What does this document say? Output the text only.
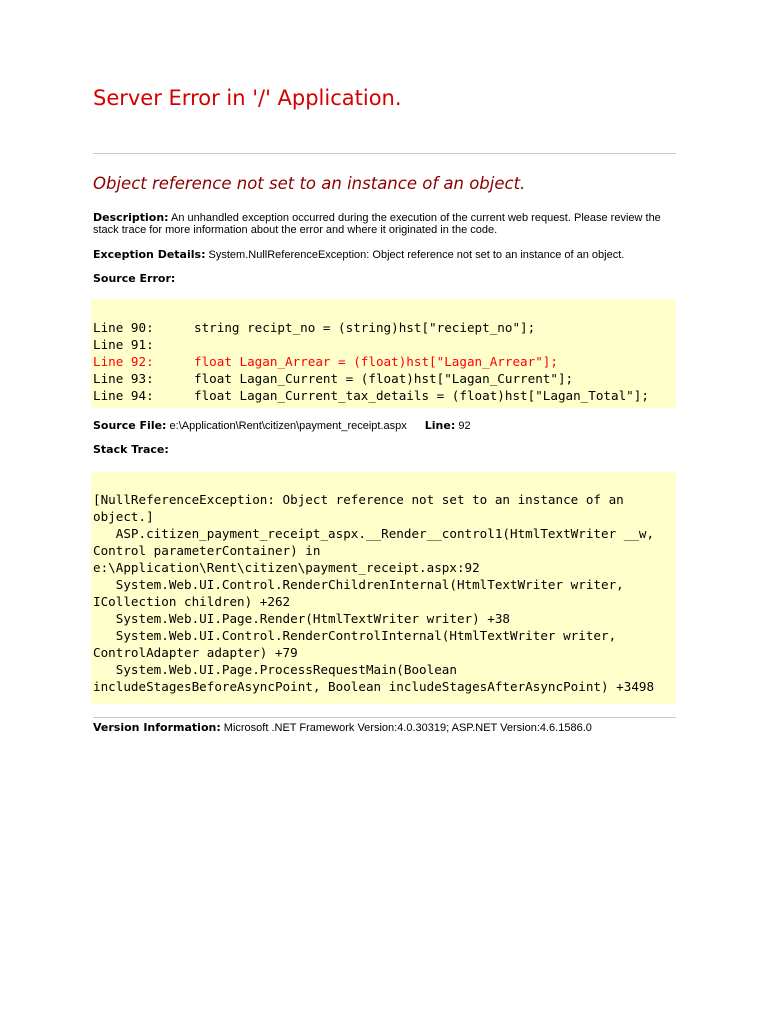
Server Error in '/' Application.
Object reference not set to an instance of an object.
Description: An unhandled exception occurred during the execution of the current web request. Please review the stack trace for more information about the error and where it originated in the code.
Exception Details: System.NullReferenceException: Object reference not set to an instance of an object.
Source Error:
Line 90:	string recipt_no = (string)hst["reciept_no"];
Line 91:
Line 92:	float Lagan_Arrear = (float)hst["Lagan_Arrear"];
Line 93:	float Lagan_Current = (float)hst["Lagan_Current"];
Line 94:	float Lagan_Current_tax_details = (float)hst["Lagan_Total"];
Source File: e:\Application\Rent\citizen\payment_receipt.aspx Line: 92
Stack Trace:
[NullReferenceException: Object reference not set to an instance of an
object.]
ASP.citizen_payment_receipt_aspx.__Render__control1(HtmlTextWriter __w,
Control parameterContainer) in
e:\Application\Rent\citizen\payment_receipt.aspx:92
System.Web.UI.Control.RenderChildrenInternal(HtmlTextWriter writer,
ICollection children) +262
System.Web.UI.Page.Render(HtmlTextWriter writer) +38
System.Web.UI.Control.RenderControlInternal(HtmlTextWriter writer,
ControlAdapter adapter) +79
System.Web.UI.Page.ProcessRequestMain(Boolean
includeStagesBeforeAsyncPoint, Boolean includeStagesAfterAsyncPoint) +3498
Version Information: Microsoft .NET Framework Version:4.0.30319; ASP.NET Version:4.6.1586.0
